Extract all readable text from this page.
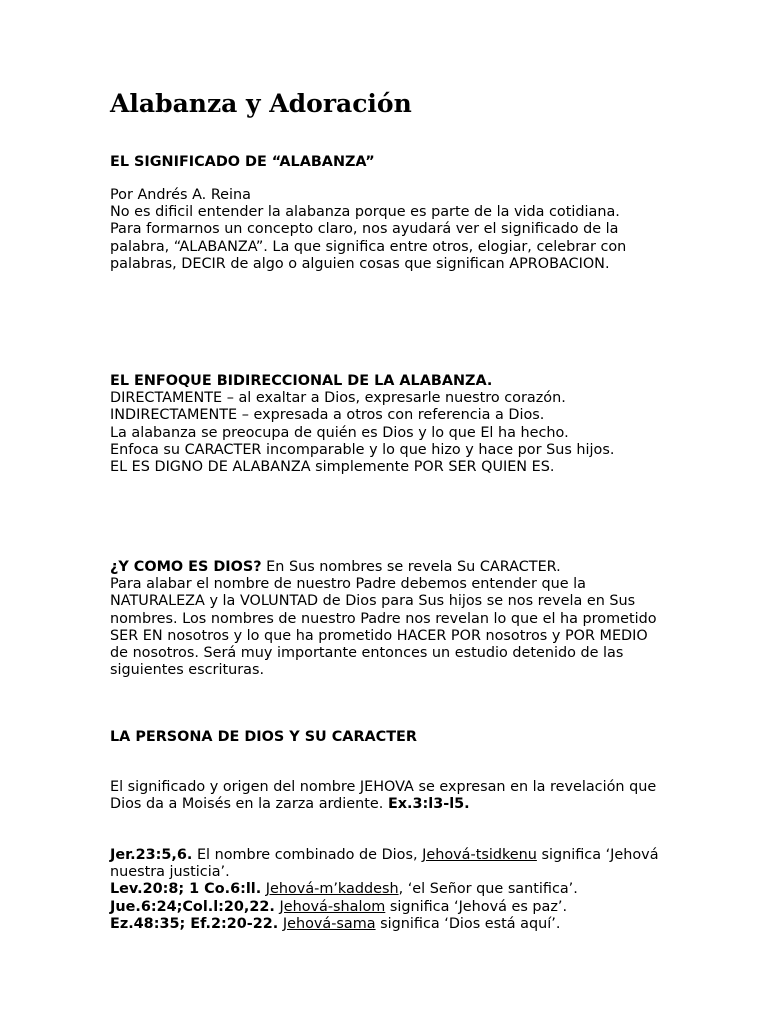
Alabanza y Adoración

EL SIGNIFICADO DE “ALABANZA”

Por Andrés A. Reina

No es dificil entender la alabanza porque es parte de la vida cotidiana.

Para formarnos un concepto claro, nos ayudará ver el significado de la palabra, “ALABANZA”. La que significa entre otros, elogiar, celebrar con palabras, DECIR de algo o alguien cosas que significan APROBACION.

EL ENFOQUE BIDIRECCIONAL DE LA ALABANZA.

DIRECTAMENTE – al exaltar a Dios, expresarle nuestro corazón.

INDIRECTAMENTE – expresada a otros con referencia a Dios.

La alabanza se preocupa de quién es Dios y lo que El ha hecho.

Enfoca su CARACTER incomparable y lo que hizo y hace por Sus hijos.

EL ES DIGNO DE ALABANZA simplemente POR SER QUIEN ES.

¿Y COMO ES DIOS? En Sus nombres se revela Su CARACTER.

Para alabar el nombre de nuestro Padre debemos entender que la NATURALEZA y la VOLUNTAD de Dios para Sus hijos se nos revela en Sus nombres. Los nombres de nuestro Padre nos revelan lo que el ha prometido SER EN nosotros y lo que ha prometido HACER POR nosotros y POR MEDIO de nosotros. Será muy importante entonces un estudio detenido de las siguientes escrituras.

LA PERSONA DE DIOS Y SU CARACTER

El significado y origen del nombre JEHOVA se expresan en la revelación que Dios da a Moisés en la zarza ardiente. Ex.3:l3-l5.

Jer.23:5,6. El nombre combinado de Dios, Jehová-tsidkenu significa ‘Jehová nuestra justicia’.

Lev.20:8; 1 Co.6:ll. Jehová-m’kaddesh, ‘el Señor que santifica’.

Jue.6:24;Col.l:20,22. Jehová-shalom significa ‘Jehová es paz’.

Ez.48:35; Ef.2:20-22. Jehová-sama significa ‘Dios está aquí’.
